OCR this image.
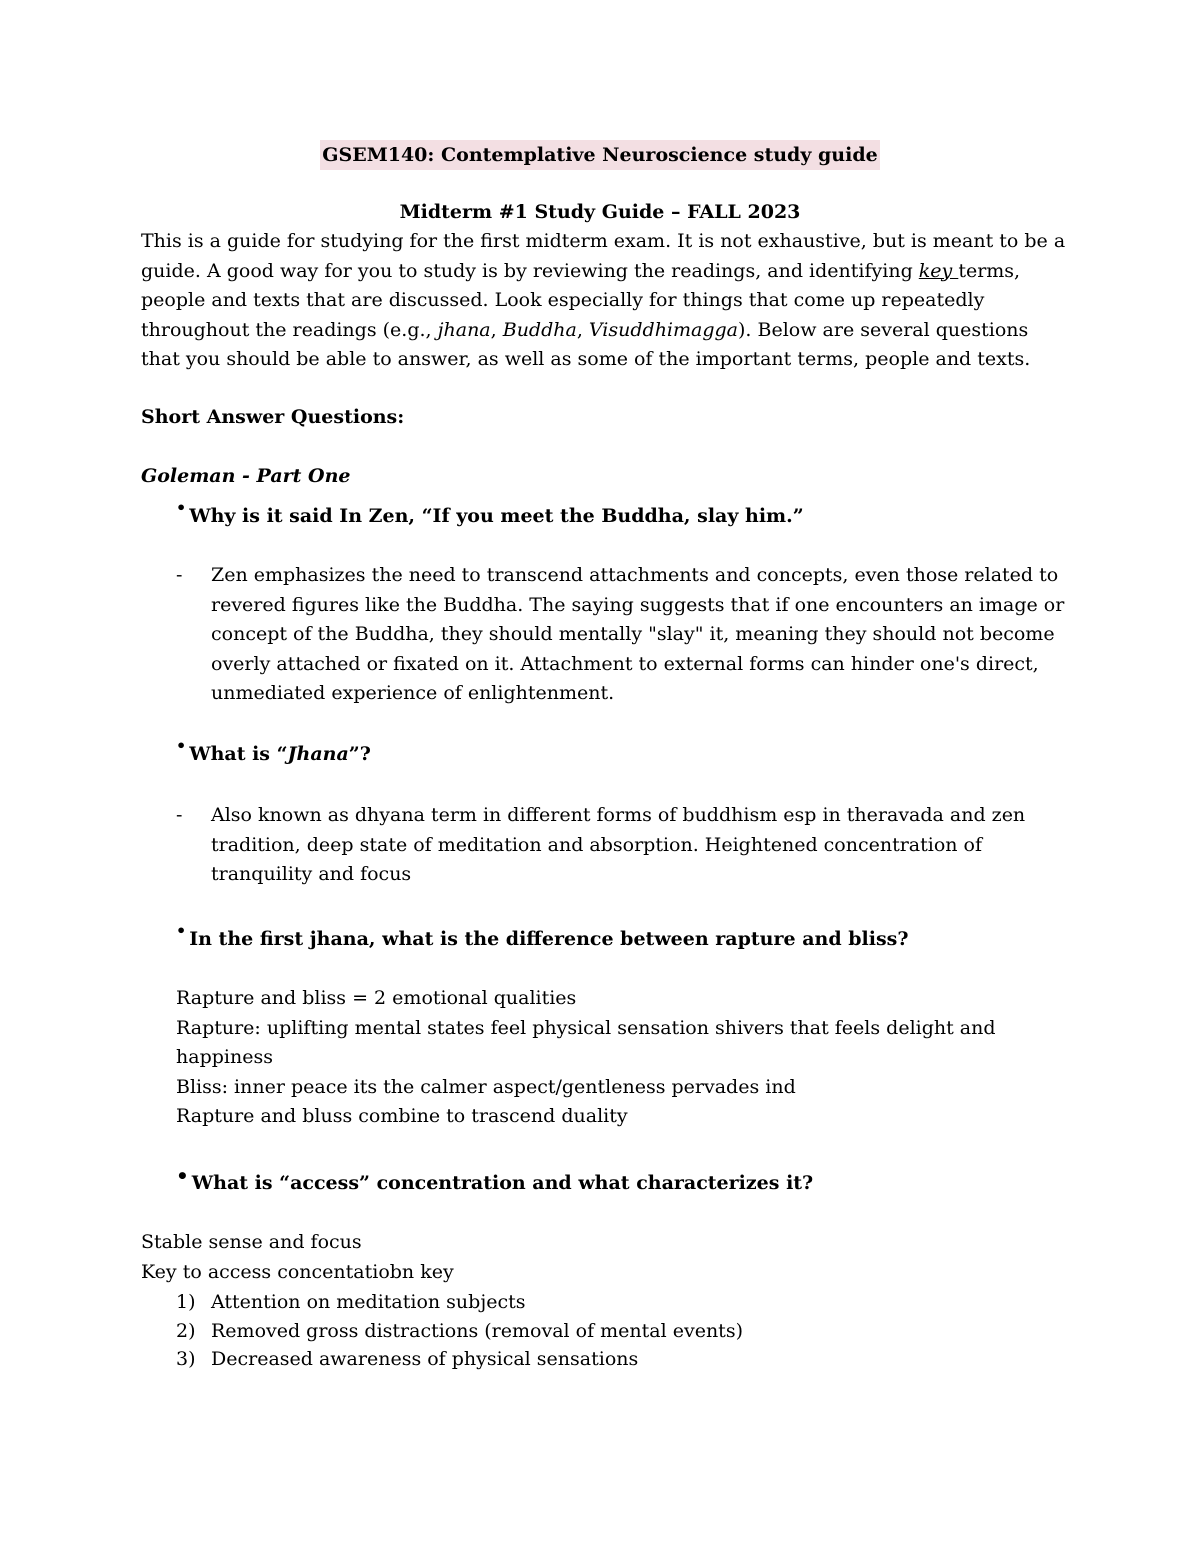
GSEM140: Contemplative Neuroscience study guide
Midterm #1 Study Guide – FALL 2023

This is a guide for studying for the first midterm exam. It is not exhaustive, but is meant to be a guide. A good way for you to study is by reviewing the readings, and identifying key terms, people and texts that are discussed. Look especially for things that come up repeatedly throughout the readings (e.g., jhana, Buddha, Visuddhimagga). Below are several questions that you should be able to answer, as well as some of the important terms, people and texts.

Short Answer Questions:
Goleman - Part One
• Why is it said In Zen, “If you meet the Buddha, slay him.”
- Zen emphasizes the need to transcend attachments and concepts, even those related to revered figures like the Buddha. The saying suggests that if one encounters an image or concept of the Buddha, they should mentally "slay" it, meaning they should not become overly attached or fixated on it. Attachment to external forms can hinder one's direct, unmediated experience of enlightenment.
• What is “Jhana”?
- Also known as dhyana term in different forms of buddhism esp in theravada and zen tradition, deep state of meditation and absorption. Heightened concentration of tranquility and focus
• In the first jhana, what is the difference between rapture and bliss?
Rapture and bliss = 2 emotional qualities
Rapture: uplifting mental states feel physical sensation shivers that feels delight and
happiness
Bliss: inner peace its the calmer aspect/gentleness pervades ind
Rapture and bluss combine to trascend duality
• What is “access” concentration and what characterizes it?
Stable sense and focus
Key to access concentatiobn key
1) Attention on meditation subjects
2) Removed gross distractions (removal of mental events)
3) Decreased awareness of physical sensations
